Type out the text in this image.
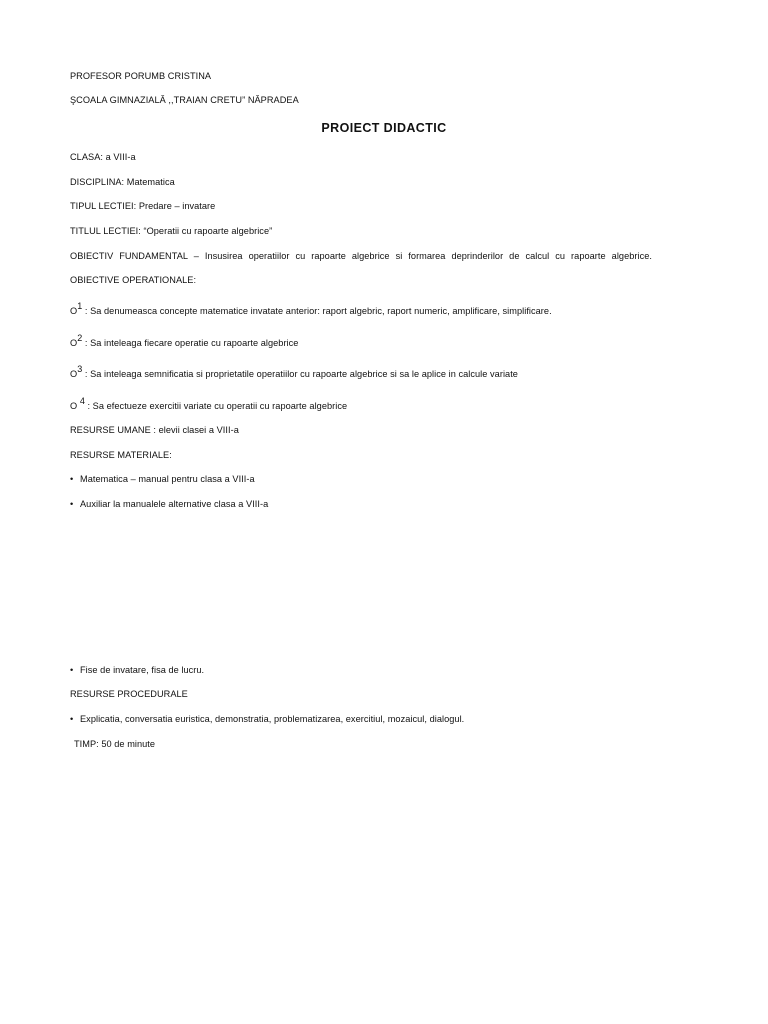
PROFESOR PORUMB CRISTINA
ŞCOALA GIMNAZIALĂ ,,TRAIAN CRETU” NĂPRADEA
PROIECT DIDACTIC
CLASA: a VIII-a
DISCIPLINA: Matematica
TIPUL LECTIEI: Predare – invatare
TITLUL LECTIEI: “Operatii cu rapoarte algebrice”
OBIECTIV FUNDAMENTAL – Insusirea operatiilor cu rapoarte algebrice si formarea deprinderilor de calcul cu rapoarte algebrice.
OBIECTIVE OPERATIONALE:
$O^1$ : Sa denumeasca concepte matematice invatate anterior: raport algebric, raport numeric, amplificare, simplificare.
$O^2$ : Sa inteleaga fiecare operatie cu rapoarte algebrice
$O^3$ : Sa inteleaga semnificatia si proprietatile operatiilor cu rapoarte algebrice si sa le aplice in calcule variate
O $^4$ : Sa efectueze exercitii variate cu operatii cu rapoarte algebrice
RESURSE UMANE : elevii clasei a VIII-a
RESURSE MATERIALE:
• Matematica – manual pentru clasa a VIII-a
• Auxiliar la manualele alternative clasa a VIII-a
• Fise de invatare, fisa de lucru.
RESURSE PROCEDURALE
• Explicatia, conversatia euristica, demonstratia, problematizarea, exercitiul, mozaicul, dialogul.
TIMP: 50 de minute
